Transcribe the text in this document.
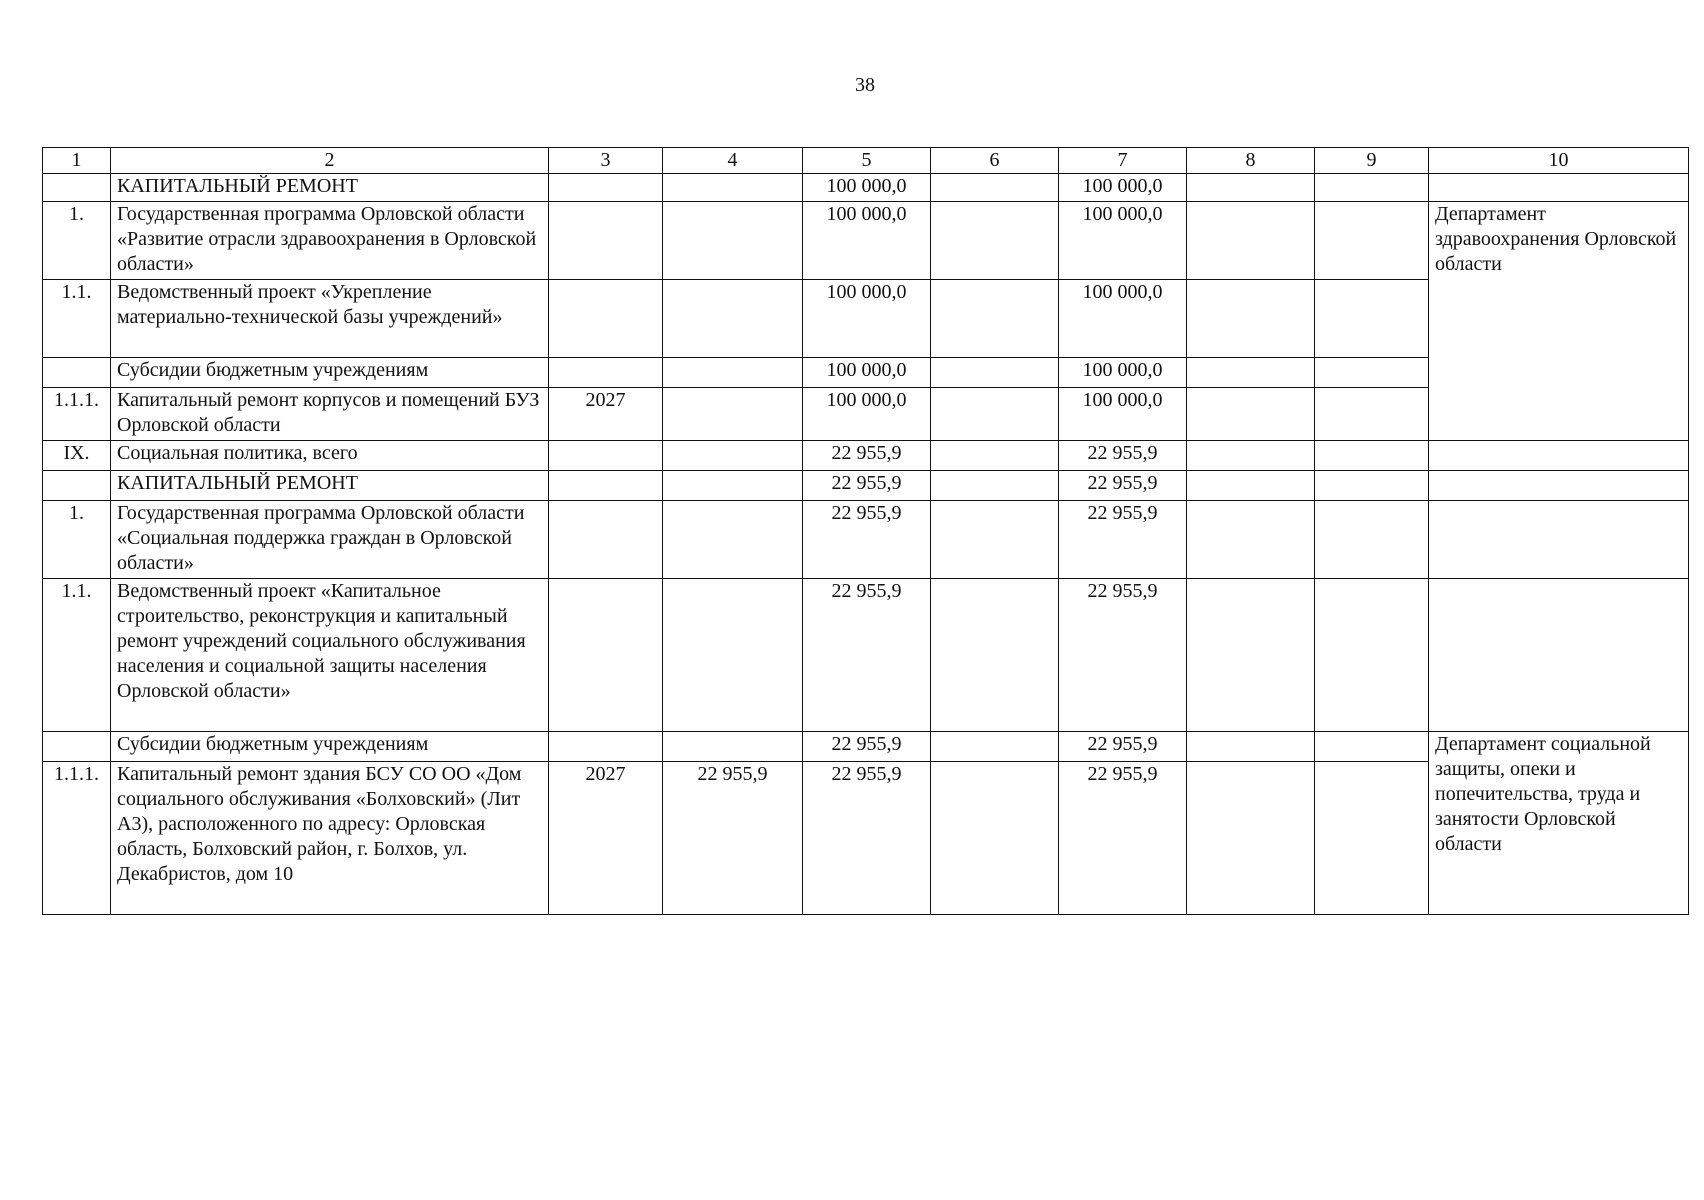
38
1	2	3	4	5	6	7	8	9	10
	КАПИТАЛЬНЫЙ РЕМОНТ			100 000,0		100 000,0			
1.	Государственная программа Орловской области «Развитие отрасли здравоохранения в Орловской области»			100 000,0		100 000,0			Департамент здравоохранения Орловской области
1.1.	Ведомственный проект «Укрепление материально-технической базы учреждений»			100 000,0		100 000,0			
	Субсидии бюджетным учреждениям			100 000,0		100 000,0			
1.1.1.	Капитальный ремонт корпусов и помещений БУЗ Орловской области	2027		100 000,0		100 000,0			
IX.	Социальная политика, всего			22 955,9		22 955,9			
	КАПИТАЛЬНЫЙ РЕМОНТ			22 955,9		22 955,9			
1.	Государственная программа Орловской области «Социальная поддержка граждан в Орловской области»			22 955,9		22 955,9			
1.1.	Ведомственный проект «Капитальное строительство, реконструкция и капитальный ремонт учреждений социального обслуживания населения и социальной защиты населения Орловской области»			22 955,9		22 955,9			
	Субсидии бюджетным учреждениям			22 955,9		22 955,9			Департамент социальной защиты, опеки и попечительства, труда и занятости Орловской области
1.1.1.	Капитальный ремонт здания БСУ СО ОО «Дом социального обслуживания «Болховский» (Лит А3), расположенного по адресу: Орловская область, Болховский район, г. Болхов, ул. Декабристов, дом 10	2027	22 955,9	22 955,9		22 955,9			
